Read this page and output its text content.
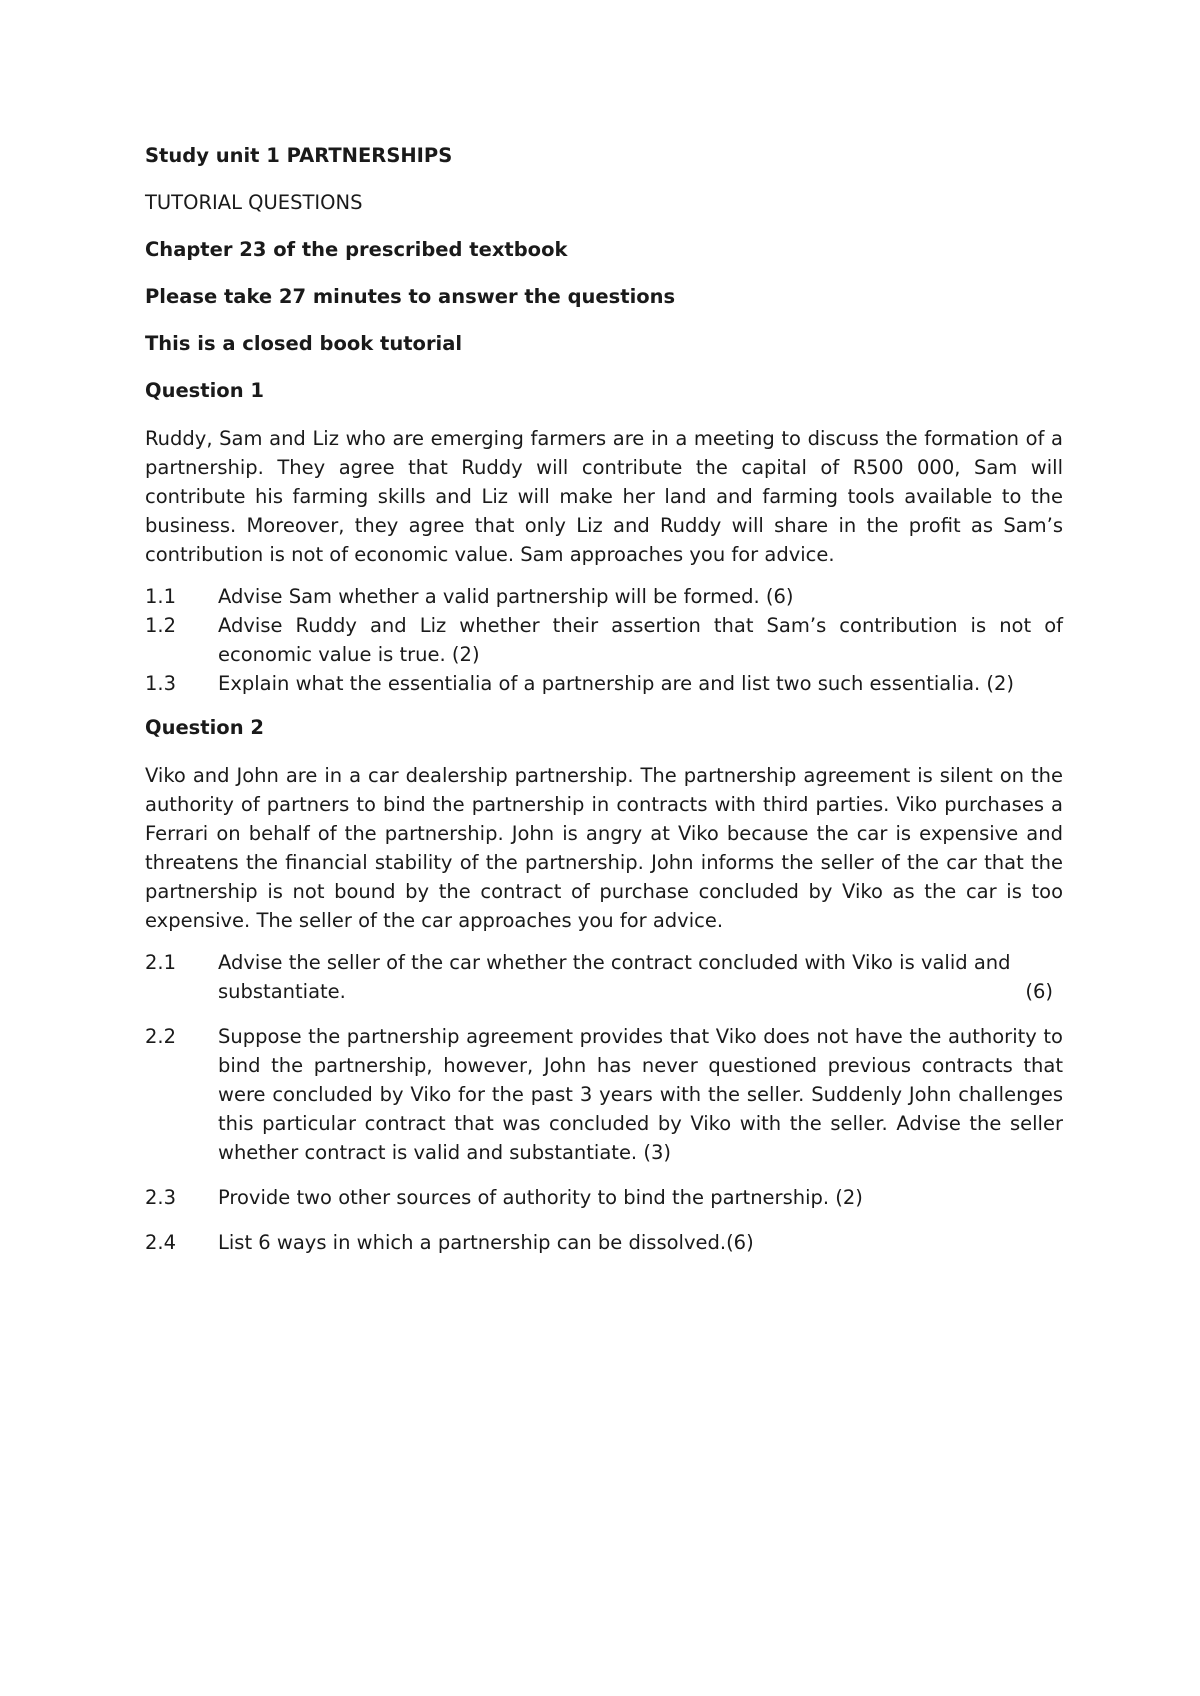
Study unit 1 PARTNERSHIPS
TUTORIAL QUESTIONS
Chapter 23 of the prescribed textbook
Please take 27 minutes to answer the questions
This is a closed book tutorial
Question 1
Ruddy, Sam and Liz who are emerging farmers are in a meeting to discuss the formation of a partnership. They agree that Ruddy will contribute the capital of R500 000, Sam will contribute his farming skills and Liz will make her land and farming tools available to the business. Moreover, they agree that only Liz and Ruddy will share in the profit as Sam’s contribution is not of economic value. Sam approaches you for advice.
1.1	Advise Sam whether a valid partnership will be formed. (6)
1.2	Advise Ruddy and Liz whether their assertion that Sam’s contribution is not of economic value is true. (2)
1.3	Explain what the essentialia of a partnership are and list two such essentialia. (2)
Question 2
Viko and John are in a car dealership partnership. The partnership agreement is silent on the authority of partners to bind the partnership in contracts with third parties. Viko purchases a Ferrari on behalf of the partnership. John is angry at Viko because the car is expensive and threatens the financial stability of the partnership. John informs the seller of the car that the partnership is not bound by the contract of purchase concluded by Viko as the car is too expensive. The seller of the car approaches you for advice.
2.1	Advise the seller of the car whether the contract concluded with Viko is valid and
substantiate.	(6)
2.2	Suppose the partnership agreement provides that Viko does not have the authority to bind the partnership, however, John has never questioned previous contracts that were concluded by Viko for the past 3 years with the seller. Suddenly John challenges this particular contract that was concluded by Viko with the seller. Advise the seller whether contract is valid and substantiate. (3)
2.3	Provide two other sources of authority to bind the partnership. (2)
2.4	List 6 ways in which a partnership can be dissolved.(6)
